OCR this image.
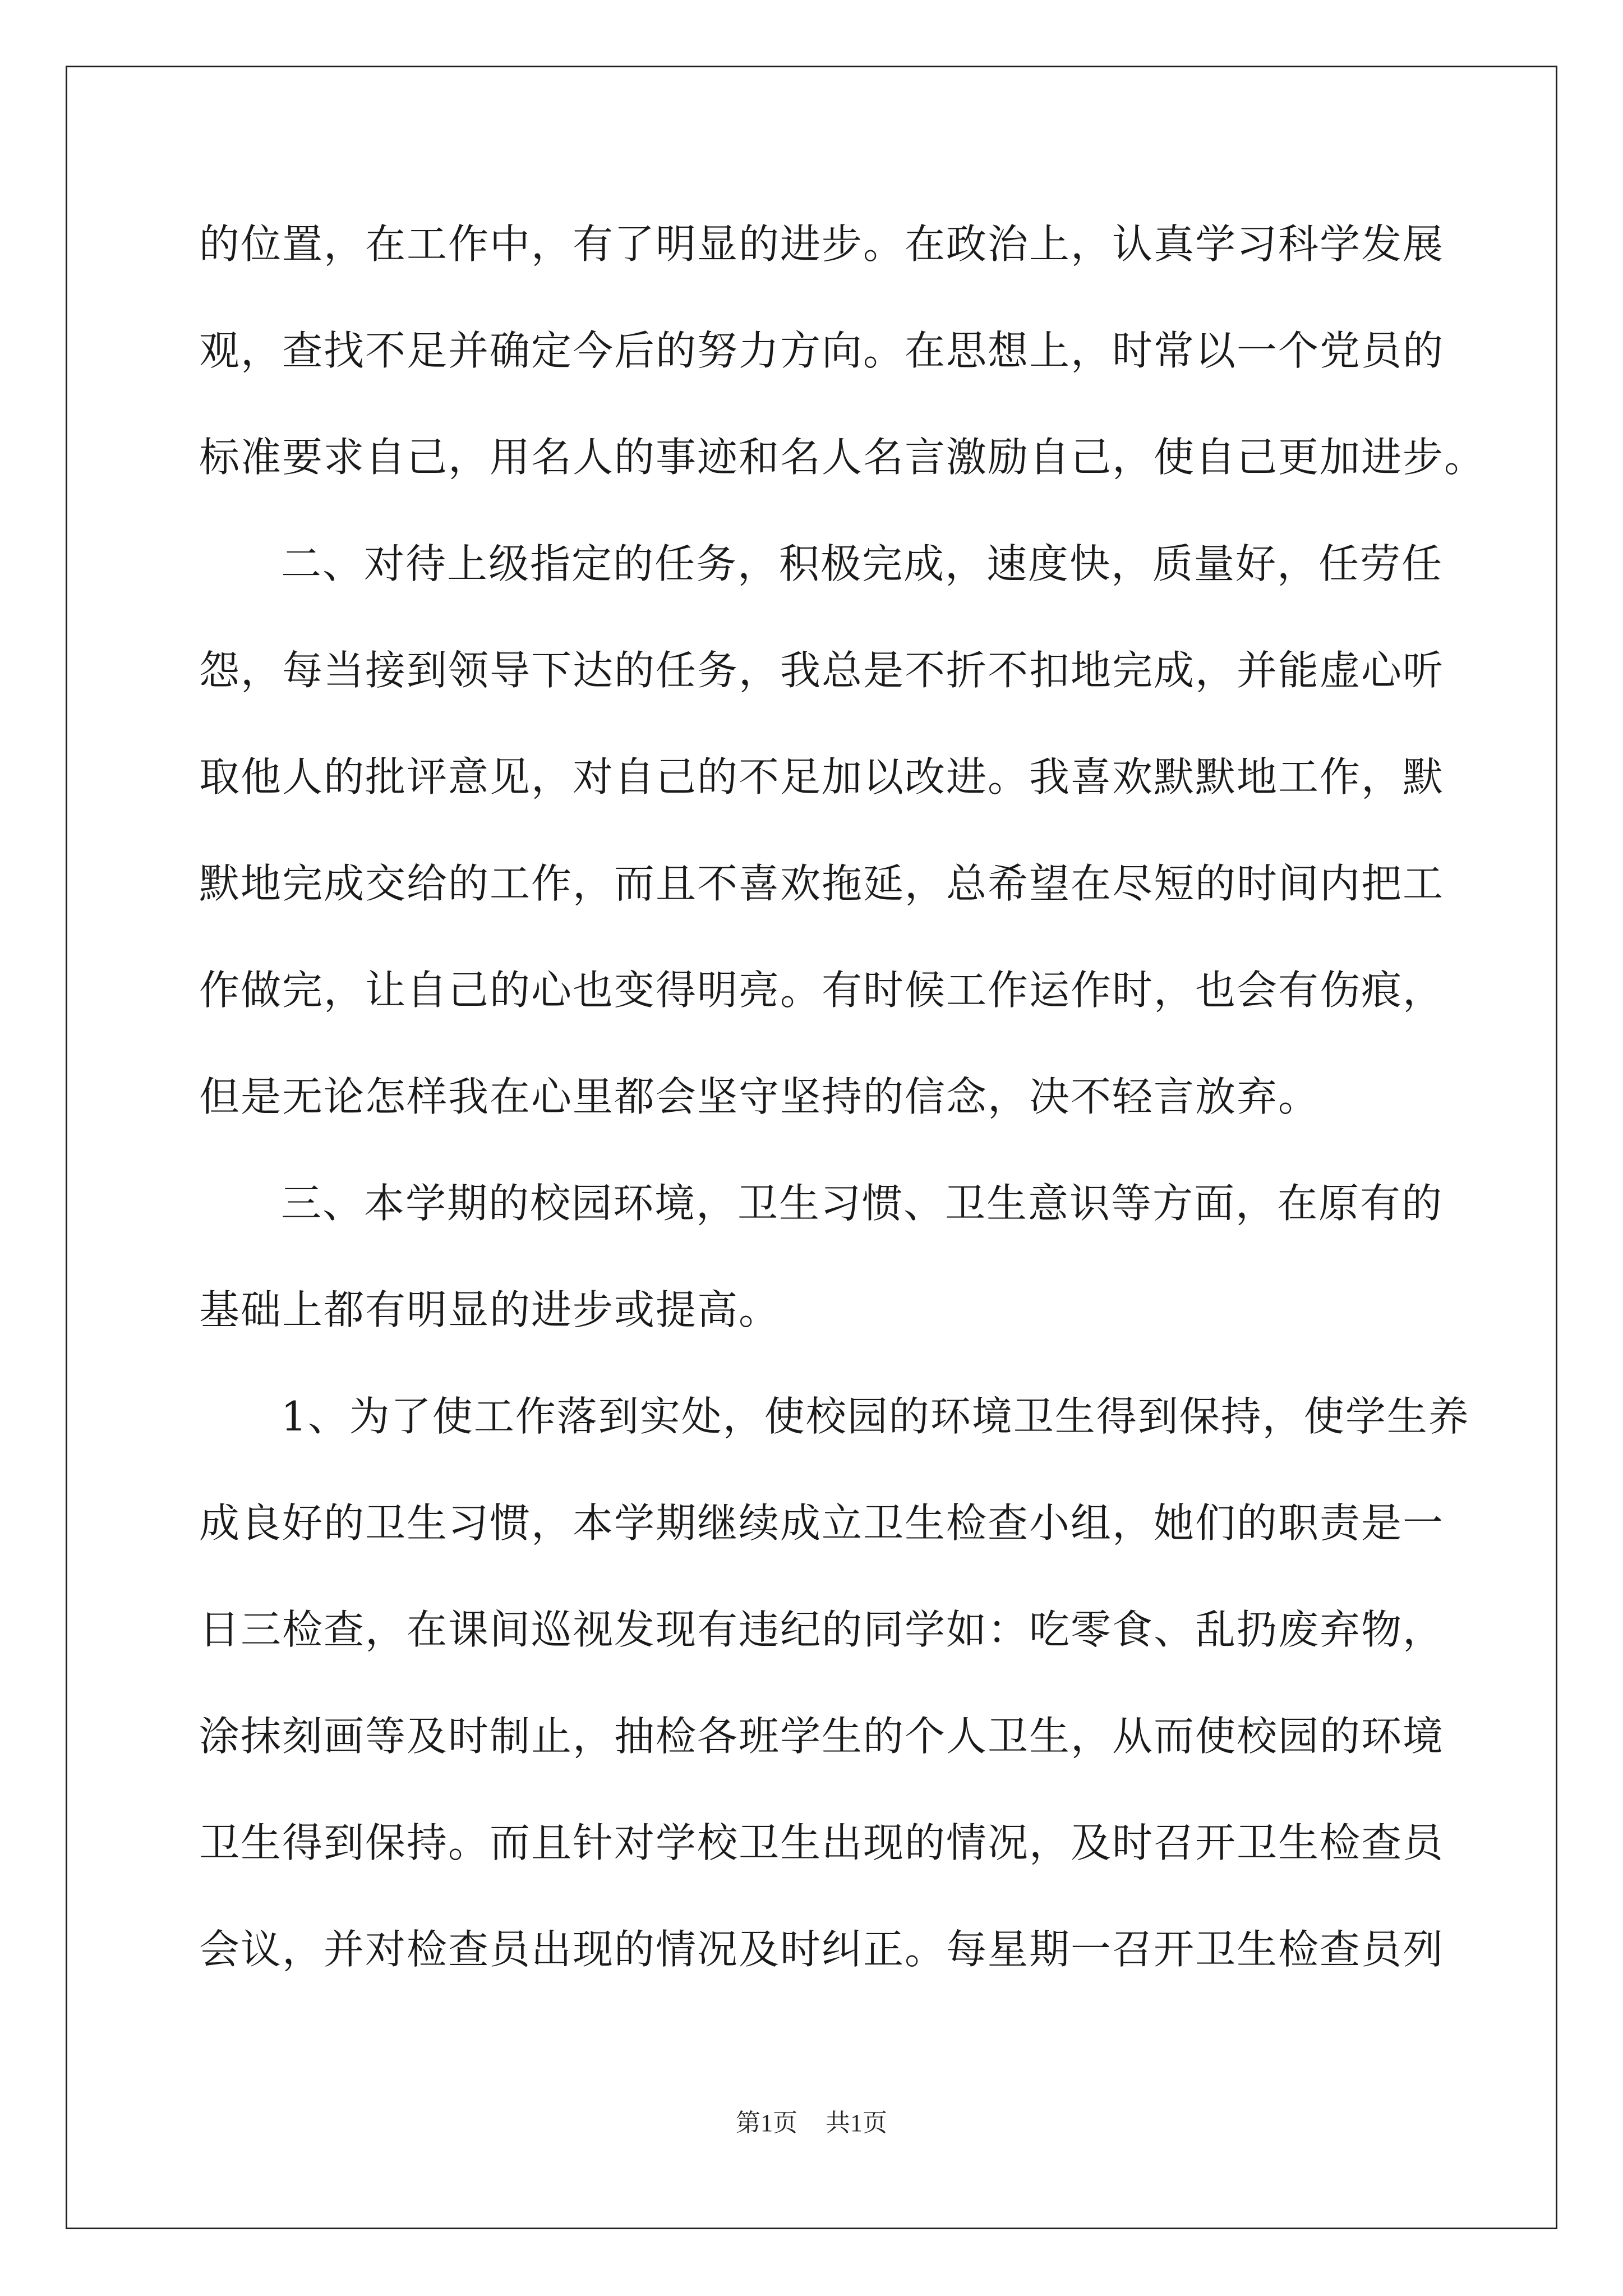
的位置，在工作中，有了明显的进步。在政治上，认真学习科学发展
观，查找不足并确定今后的努力方向。在思想上，时常以一个党员的
标准要求自己，用名人的事迹和名人名言激励自己，使自己更加进步。
二、对待上级指定的任务，积极完成，速度快，质量好，任劳任
怨，每当接到领导下达的任务，我总是不折不扣地完成，并能虚心听
取他人的批评意见，对自己的不足加以改进。我喜欢默默地工作，默
默地完成交给的工作，而且不喜欢拖延，总希望在尽短的时间内把工
作做完，让自己的心也变得明亮。有时候工作运作时，也会有伤痕，
但是无论怎样我在心里都会坚守坚持的信念，决不轻言放弃。
三、本学期的校园环境，卫生习惯、卫生意识等方面，在原有的
基础上都有明显的进步或提高。
1、为了使工作落到实处，使校园的环境卫生得到保持，使学生养
成良好的卫生习惯，本学期继续成立卫生检查小组，她们的职责是一
日三检查，在课间巡视发现有违纪的同学如：吃零食、乱扔废弃物，
涂抹刻画等及时制止，抽检各班学生的个人卫生，从而使校园的环境
卫生得到保持。而且针对学校卫生出现的情况，及时召开卫生检查员
会议，并对检查员出现的情况及时纠正。每星期一召开卫生检查员列
第1页 共1页
